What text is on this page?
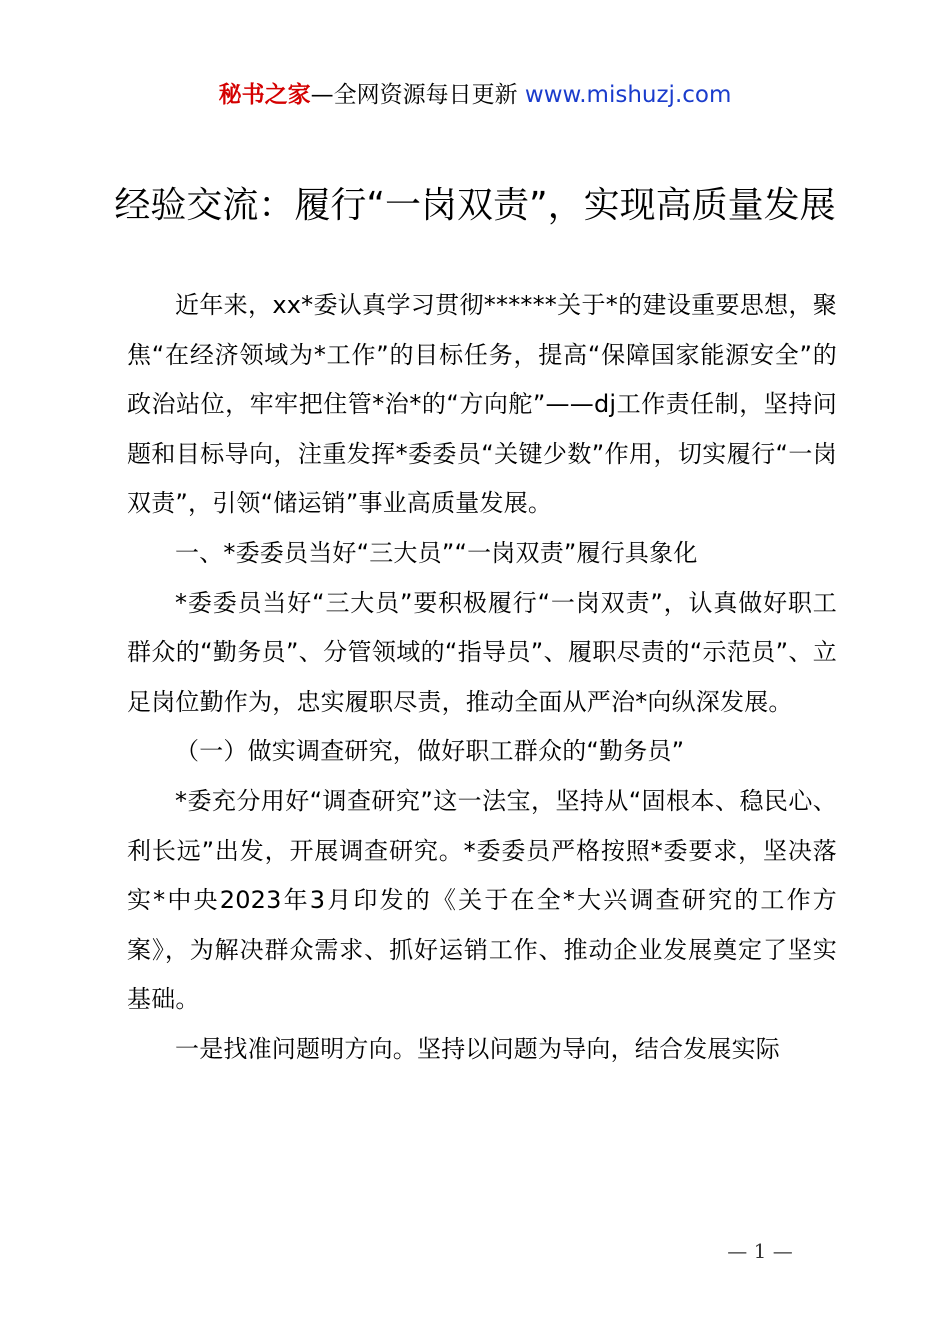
秘书之家—全网资源每日更新 www.mishuzj.com
经验交流：履行“一岗双责”，实现高质量发展

近年来，xx*委认真学习贯彻******关于*的建设重要思想，聚焦“在经济领域为*工作”的目标任务，提高“保障国家能源安全”的政治站位，牢牢把住管*治*的“方向舵”——dj工作责任制，坚持问题和目标导向，注重发挥*委委员“关键少数”作用，切实履行“一岗双责”，引领“储运销”事业高质量发展。

一、*委委员当好“三大员”“一岗双责”履行具象化

*委委员当好“三大员”要积极履行“一岗双责”，认真做好职工群众的“勤务员”、分管领域的“指导员”、履职尽责的“示范员”、立足岗位勤作为，忠实履职尽责，推动全面从严治*向纵深发展。

（一）做实调查研究，做好职工群众的“勤务员”

*委充分用好“调查研究”这一法宝，坚持从“固根本、稳民心、利长远”出发，开展调查研究。*委委员严格按照*委要求，坚决落实*中央2023年3月印发的《关于在全*大兴调查研究的工作方案》，为解决群众需求、抓好运销工作、推动企业发展奠定了坚实基础。

一是找准问题明方向。坚持以问题为导向，结合发展实际

— 1 —
